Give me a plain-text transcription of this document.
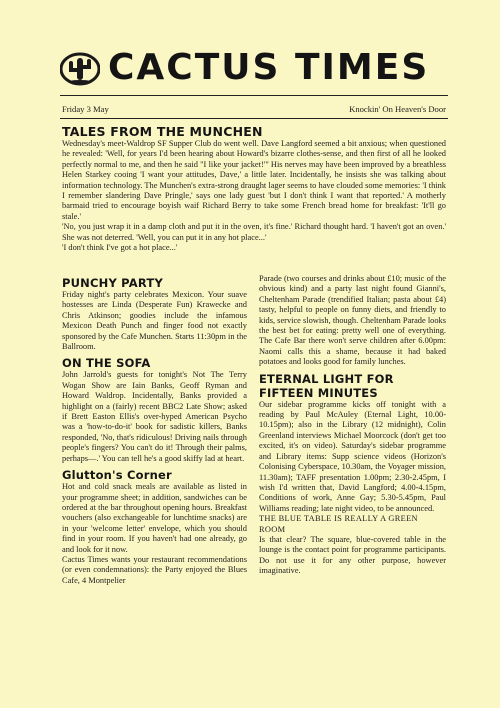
CACTUS TIMES
Friday 3 May	Knockin' On Heaven's Door
TALES FROM THE MUNCHEN

Wednesday's meet-Waldrop SF Supper Club do went well. Dave Langford seemed a bit anxious; when questioned he revealed: 'Well, for years I'd been hearing about Howard's bizarre clothes-sense, and then first of all he looked perfectly normal to me, and then he said "I like your jacket!"' His nerves may have been improved by a breathless Helen Starkey cooing 'I want your attitudes, Dave,' a little later. Incidentally, he insists she was talking about information technology. The Munchen's extra-strong draught lager seems to have clouded some memories: 'I think I remember slandering Dave Pringle,' says one lady guest 'but I don't think I want that reported.' A motherly barmaid tried to encourage boyish waif Richard Berry to take some French bread home for breakfast: 'It'll go stale.'

'No, you just wrap it in a damp cloth and put it in the oven, it's fine.' Richard thought hard. 'I haven't got an oven.' She was not deterred. 'Well, you can put it in any hot place...'

'I don't think I've got a hot place...'

PUNCHY PARTY

Friday night's party celebrates Mexicon. Your suave hostesses are Linda (Desperate Fun) Krawecke and Chris Atkinson; goodies include the infamous Mexicon Death Punch and finger food not exactly sponsored by the Cafe Munchen. Starts 11:30pm in the Ballroom.

ON THE SOFA

John Jarrold's guests for tonight's Not The Terry Wogan Show are Iain Banks, Geoff Ryman and Howard Waldrop. Incidentally, Banks provided a highlight on a (fairly) recent BBC2 Late Show; asked if Brett Easton Ellis's over-hyped American Psycho was a 'how-to-do-it' book for sadistic killers, Banks responded, 'No, that's ridiculous! Driving nails through people's fingers? You can't do it! Through their palms, perhaps—.' You can tell he's a good skiffy lad at heart.

Glutton's Corner

Hot and cold snack meals are available as listed in your programme sheet; in addition, sandwiches can be ordered at the bar throughout opening hours. Breakfast vouchers (also exchangeable for lunchtime snacks) are in your 'welcome letter' envelope, which you should find in your room. If you haven't had one already, go and look for it now.

Cactus Times wants your restaurant recommendations (or even condemnations): the Party enjoyed the Blues Cafe, 4 Montpelier

Parade (two courses and drinks about £10; music of the obvious kind) and a party last night found Gianni's, Cheltenham Parade (trendified Italian; pasta about £4) tasty, helpful to people on funny diets, and friendly to kids, service slowish, though. Cheltenham Parade looks the best bet for eating: pretty well one of everything. The Cafe Bar there won't serve children after 6.00pm: Naomi calls this a shame, because it had baked potatoes and looks good for family lunches.

ETERNAL LIGHT FOR FIFTEEN MINUTES

Our sidebar programme kicks off tonight with a reading by Paul McAuley (Eternal Light, 10.00-10.15pm); also in the Library (12 midnight), Colin Greenland interviews Michael Moorcock (don't get too excited, it's on video). Saturday's sidebar programme and Library items: Supp science videos (Horizon's Colonising Cyberspace, 10.30am, the Voyager mission, 11.30am); TAFF presentation 1.00pm; 2.30-2.45pm, I wish I'd written that, David Langford; 4.00-4.15pm, Conditions of work, Anne Gay; 5.30-5.45pm, Paul Williams reading; late night video, to be announced.

THE BLUE TABLE IS REALLY A GREEN ROOM

Is that clear? The square, blue-covered table in the lounge is the contact point for programme participants. Do not use it for any other purpose, however imaginative.
